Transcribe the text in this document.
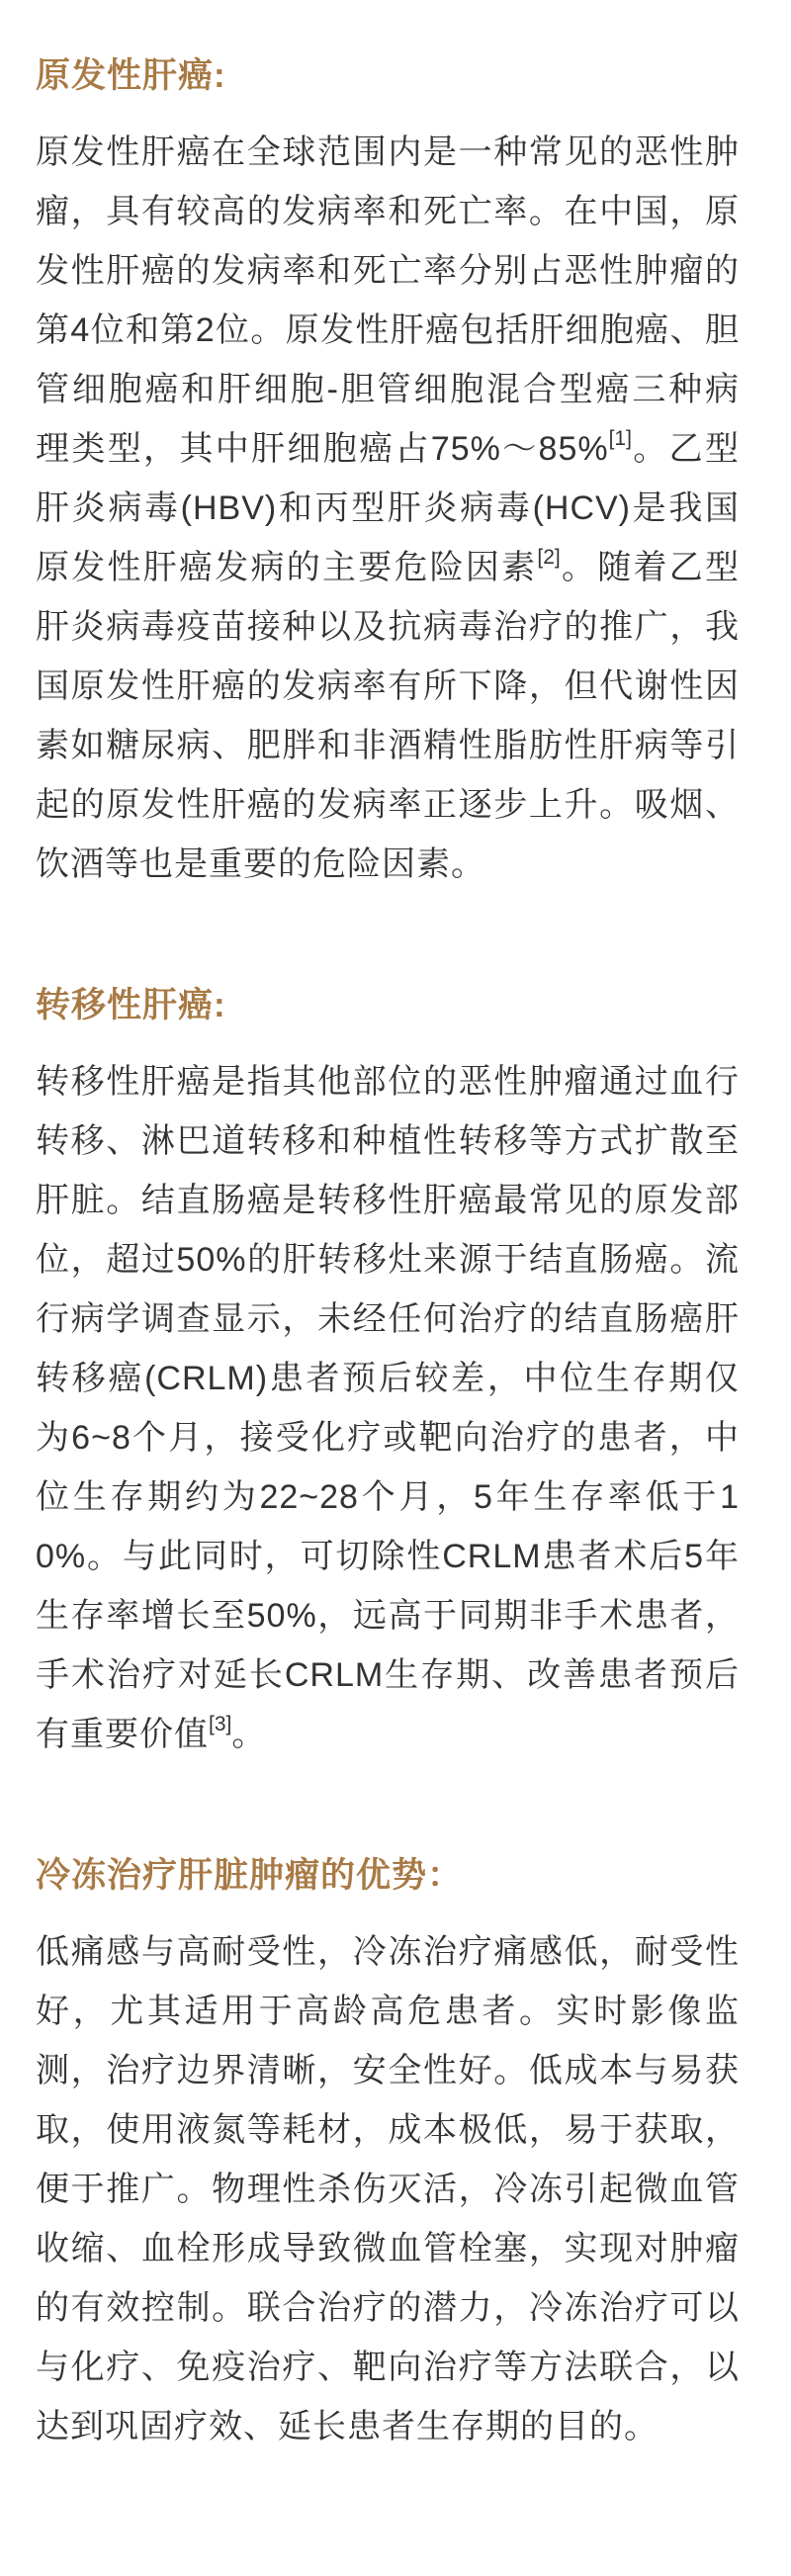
原发性肝癌:

原发性肝癌在全球范围内是一种常见的恶性肿瘤，具有较高的发病率和死亡率。在中国，原发性肝癌的发病率和死亡率分别占恶性肿瘤的第4位和第2位。原发性肝癌包括肝细胞癌、胆管细胞癌和肝细胞-胆管细胞混合型癌三种病理类型，其中肝细胞癌占75%～85%[1]。乙型肝炎病毒(HBV)和丙型肝炎病毒(HCV)是我国原发性肝癌发病的主要危险因素[2]。随着乙型肝炎病毒疫苗接种以及抗病毒治疗的推广，我国原发性肝癌的发病率有所下降，但代谢性因素如糖尿病、肥胖和非酒精性脂肪性肝病等引起的原发性肝癌的发病率正逐步上升。吸烟、饮酒等也是重要的危险因素。

转移性肝癌:

转移性肝癌是指其他部位的恶性肿瘤通过血行转移、淋巴道转移和种植性转移等方式扩散至肝脏。结直肠癌是转移性肝癌最常见的原发部位，超过50%的肝转移灶来源于结直肠癌。流行病学调查显示，未经任何治疗的结直肠癌肝转移癌(CRLM)患者预后较差，中位生存期仅为6~8个月，接受化疗或靶向治疗的患者，中位生存期约为22~28个月，5年生存率低于10%。与此同时，可切除性CRLM患者术后5年生存率增长至50%，远高于同期非手术患者，手术治疗对延长CRLM生存期、改善患者预后有重要价值[3]。

冷冻治疗肝脏肿瘤的优势：

低痛感与高耐受性，冷冻治疗痛感低，耐受性好，尤其适用于高龄高危患者。实时影像监测，治疗边界清晰，安全性好。低成本与易获取，使用液氮等耗材，成本极低，易于获取，便于推广。物理性杀伤灭活，冷冻引起微血管收缩、血栓形成导致微血管栓塞，实现对肿瘤的有效控制。联合治疗的潜力，冷冻治疗可以与化疗、免疫治疗、靶向治疗等方法联合，以达到巩固疗效、延长患者生存期的目的。
